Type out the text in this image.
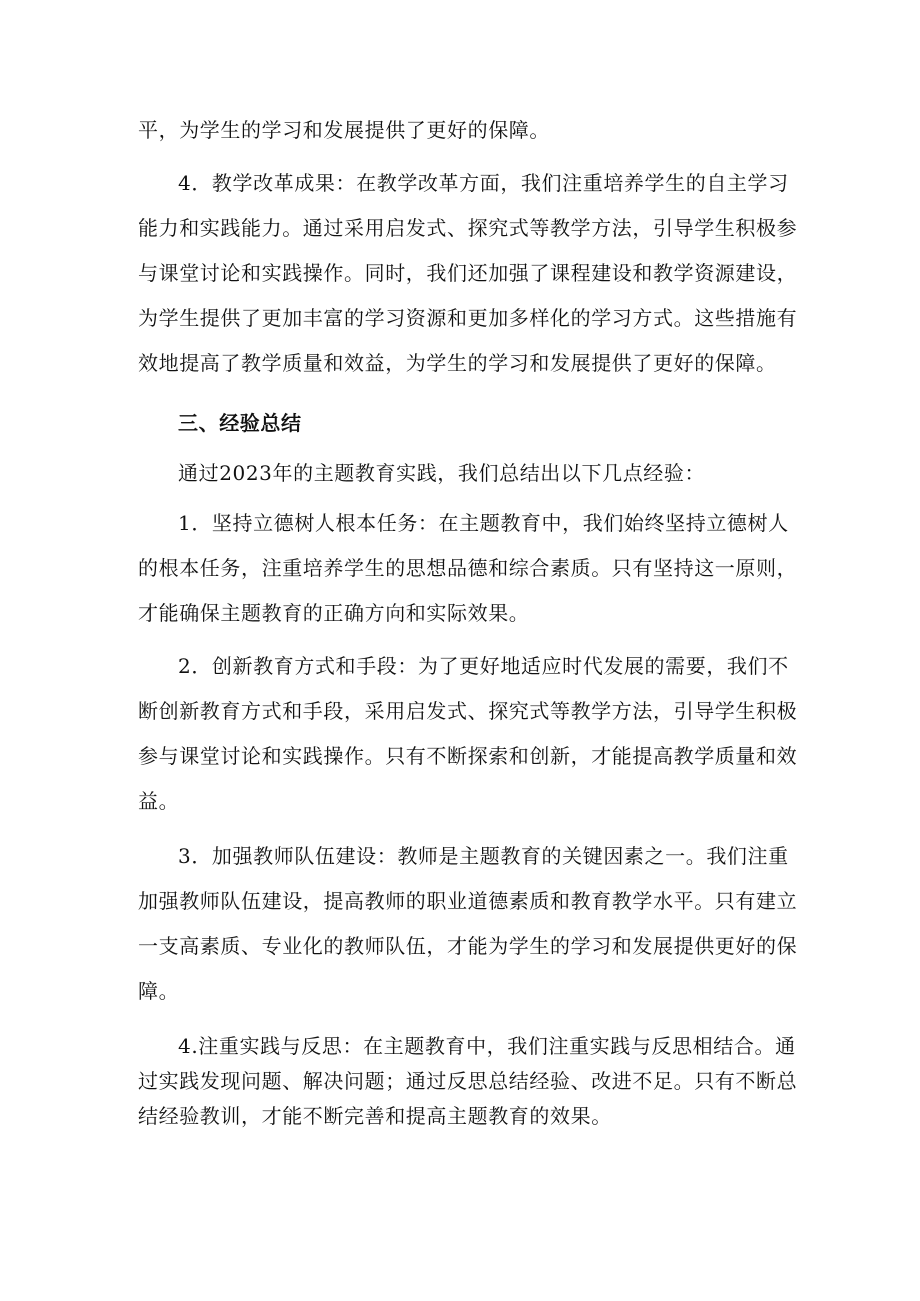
平，为学生的学习和发展提供了更好的保障。
4．教学改革成果：在教学改革方面，我们注重培养学生的自主学习
能力和实践能力。通过采用启发式、探究式等教学方法，引导学生积极参
与课堂讨论和实践操作。同时，我们还加强了课程建设和教学资源建设，
为学生提供了更加丰富的学习资源和更加多样化的学习方式。这些措施有
效地提高了教学质量和效益，为学生的学习和发展提供了更好的保障。
三、经验总结
通过2023年的主题教育实践，我们总结出以下几点经验：
1．坚持立德树人根本任务：在主题教育中，我们始终坚持立德树人
的根本任务，注重培养学生的思想品德和综合素质。只有坚持这一原则，
才能确保主题教育的正确方向和实际效果。
2．创新教育方式和手段：为了更好地适应时代发展的需要，我们不
断创新教育方式和手段，采用启发式、探究式等教学方法，引导学生积极
参与课堂讨论和实践操作。只有不断探索和创新，才能提高教学质量和效
益。
3．加强教师队伍建设：教师是主题教育的关键因素之一。我们注重
加强教师队伍建设，提高教师的职业道德素质和教育教学水平。只有建立
一支高素质、专业化的教师队伍，才能为学生的学习和发展提供更好的保
障。
4.注重实践与反思：在主题教育中，我们注重实践与反思相结合。通
过实践发现问题、解决问题；通过反思总结经验、改进不足。只有不断总
结经验教训，才能不断完善和提高主题教育的效果。
